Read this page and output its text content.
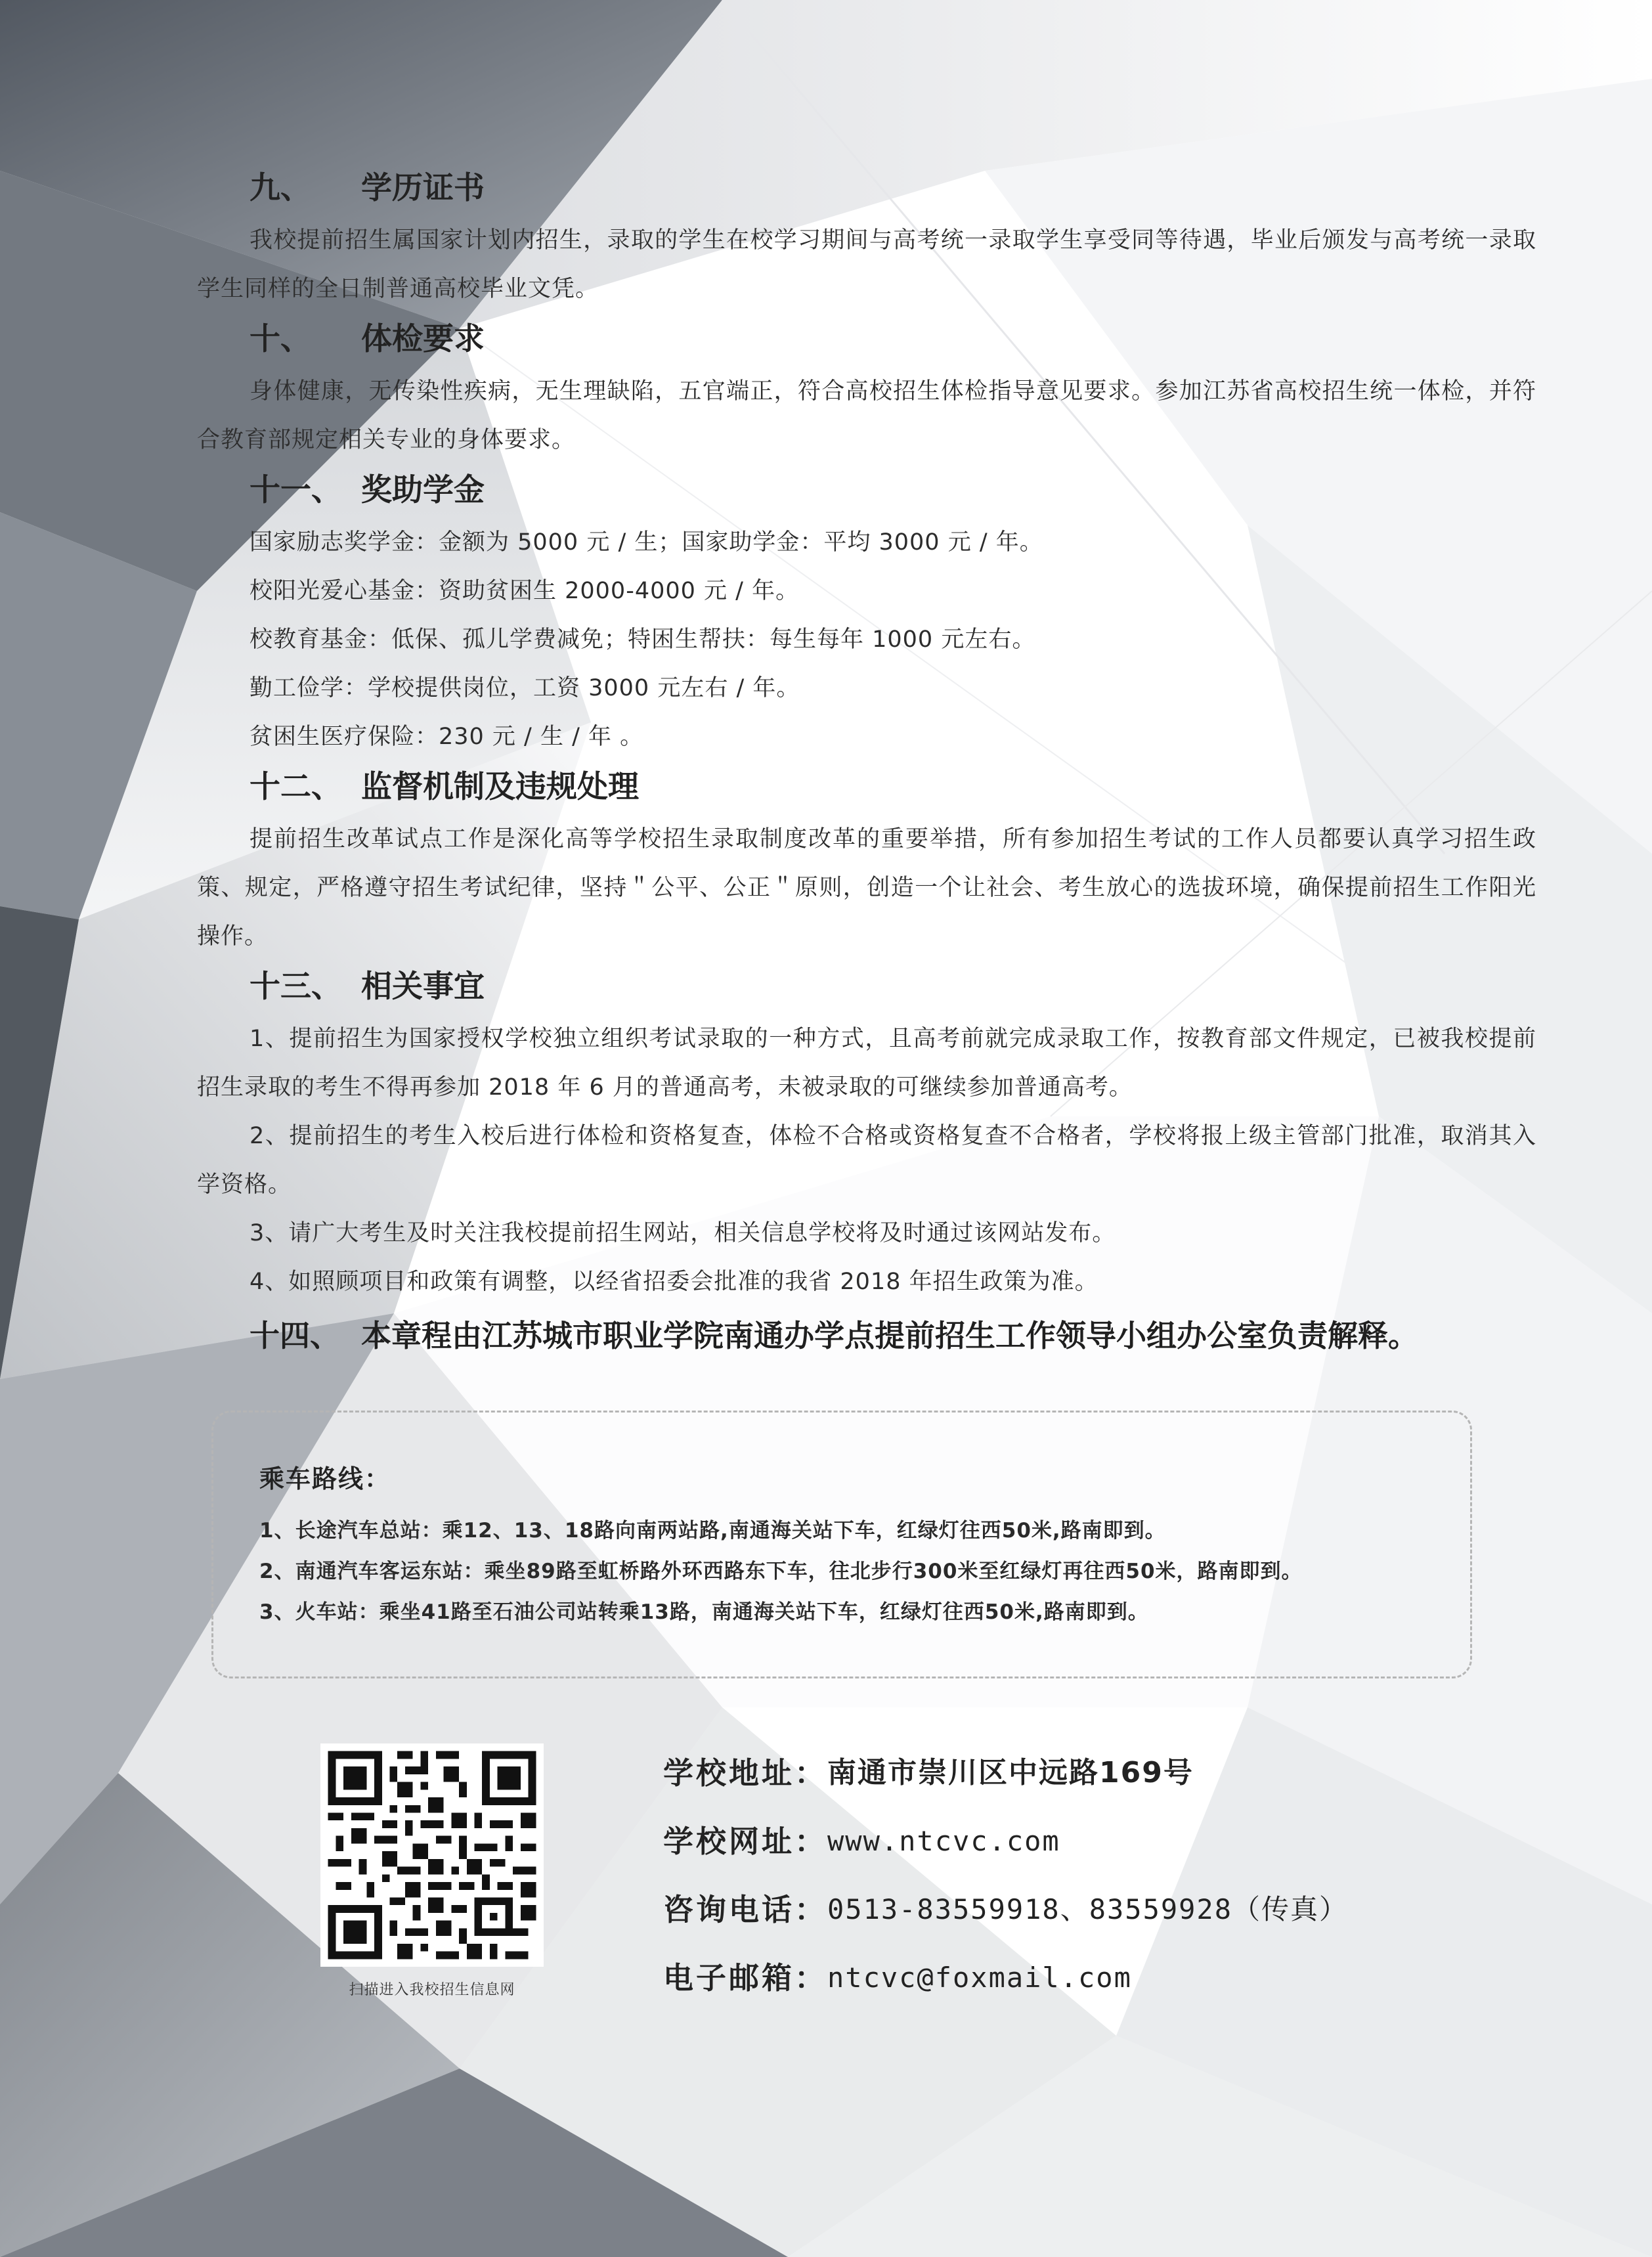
九、	学历证书

我校提前招生属国家计划内招生，录取的学生在校学习期间与高考统一录取学生享受同等待遇，毕业后颁发与高考统一录取学生同样的全日制普通高校毕业文凭。

十、	体检要求

身体健康，无传染性疾病，无生理缺陷，五官端正，符合高校招生体检指导意见要求。参加江苏省高校招生统一体检，并符合教育部规定相关专业的身体要求。

十一、 奖助学金

国家励志奖学金：金额为 5000 元 / 生；国家助学金：平均 3000 元 / 年。

校阳光爱心基金：资助贫困生 2000-4000 元 / 年。

校教育基金：低保、孤儿学费减免；特困生帮扶：每生每年 1000 元左右。

勤工俭学：学校提供岗位，工资 3000 元左右 / 年。

贫困生医疗保险：230 元 / 生 / 年 。

十二、 监督机制及违规处理

提前招生改革试点工作是深化高等学校招生录取制度改革的重要举措，所有参加招生考试的工作人员都要认真学习招生政策、规定，严格遵守招生考试纪律，坚持＂公平、公正＂原则，创造一个让社会、考生放心的选拔环境，确保提前招生工作阳光操作。

十三、 相关事宜

1、提前招生为国家授权学校独立组织考试录取的一种方式，且高考前就完成录取工作，按教育部文件规定，已被我校提前招生录取的考生不得再参加 2018 年 6 月的普通高考，未被录取的可继续参加普通高考。

2、提前招生的考生入校后进行体检和资格复查，体检不合格或资格复查不合格者，学校将报上级主管部门批准，取消其入学资格。

3、请广大考生及时关注我校提前招生网站，相关信息学校将及时通过该网站发布。

4、如照顾项目和政策有调整，以经省招委会批准的我省 2018 年招生政策为准。

十四、 本章程由江苏城市职业学院南通办学点提前招生工作领导小组办公室负责解释。
乘车路线：
1、长途汽车总站：乘12、13、18路向南两站路,南通海关站下车，红绿灯往西50米,路南即到。
2、南通汽车客运东站：乘坐89路至虹桥路外环西路东下车，往北步行300米至红绿灯再往西50米，路南即到。
3、火车站：乘坐41路至石油公司站转乘13路，南通海关站下车，红绿灯往西50米,路南即到。
扫描进入我校招生信息网
学校地址： 南通市崇川区中远路169号
学校网址： www.ntcvc.com
咨询电话： 0513-83559918、83559928（传真）
电子邮箱： ntcvc@foxmail.com
